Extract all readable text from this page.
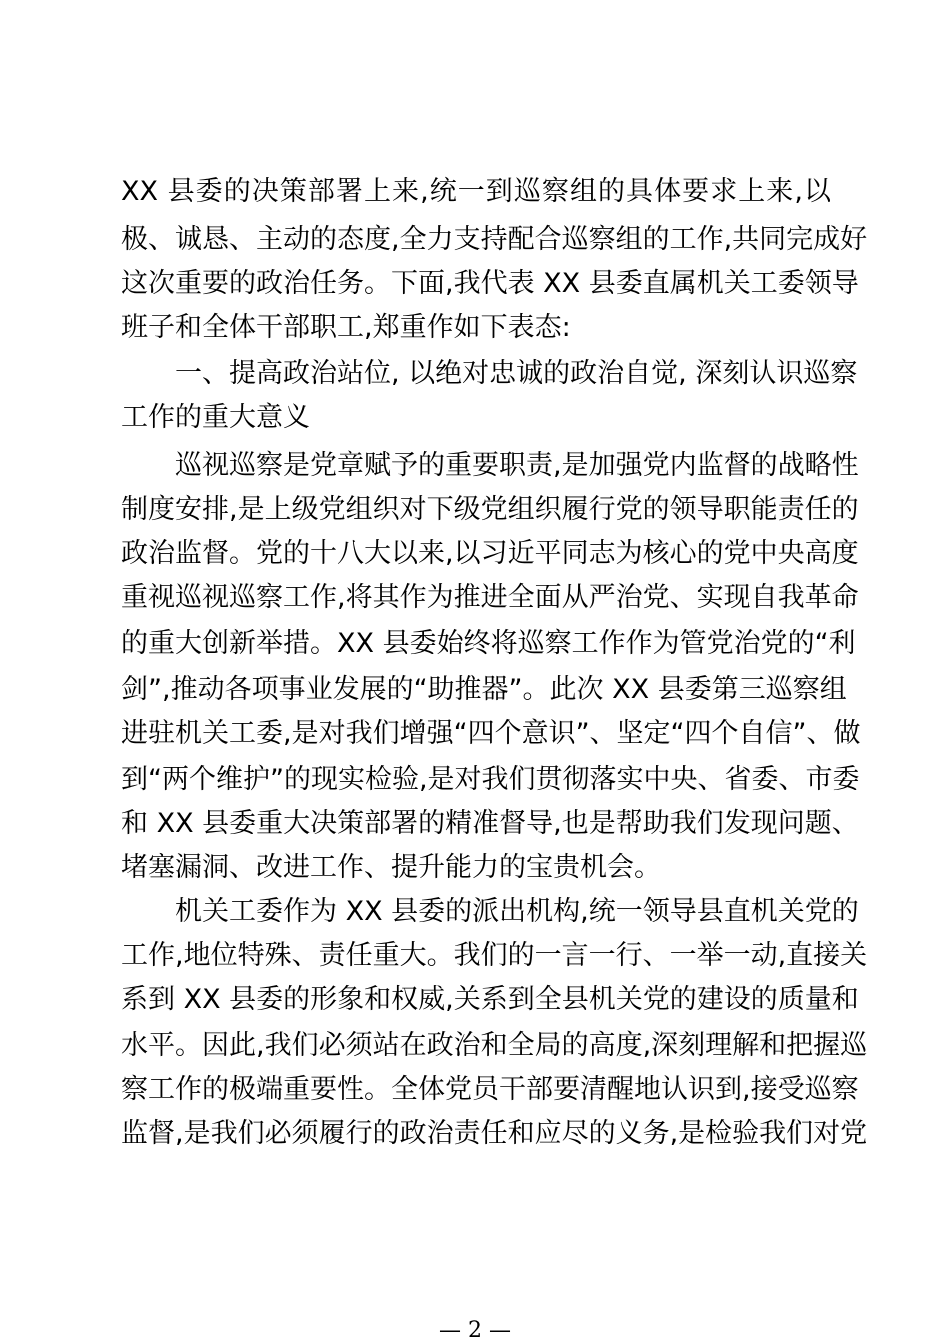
XX 县委的决策部署上来,统一到巡察组的具体要求上来,以
极、诚恳、主动的态度,全力支持配合巡察组的工作,共同完成好
这次重要的政治任务。下面,我代表 XX 县委直属机关工委领导
班子和全体干部职工,郑重作如下表态:
一、提高政治站位, 以绝对忠诚的政治自觉, 深刻认识巡察
工作的重大意义
巡视巡察是党章赋予的重要职责,是加强党内监督的战略性
制度安排,是上级党组织对下级党组织履行党的领导职能责任的
政治监督。党的十八大以来,以习近平同志为核心的党中央高度
重视巡视巡察工作,将其作为推进全面从严治党、实现自我革命
的重大创新举措。XX 县委始终将巡察工作作为管党治党的“利
剑”,推动各项事业发展的“助推器”。此次 XX 县委第三巡察组
进驻机关工委,是对我们增强“四个意识”、坚定“四个自信”、做
到“两个维护”的现实检验,是对我们贯彻落实中央、省委、市委
和 XX 县委重大决策部署的精准督导,也是帮助我们发现问题、
堵塞漏洞、改进工作、提升能力的宝贵机会。
机关工委作为 XX 县委的派出机构,统一领导县直机关党的
工作,地位特殊、责任重大。我们的一言一行、一举一动,直接关
系到 XX 县委的形象和权威,关系到全县机关党的建设的质量和
水平。因此,我们必须站在政治和全局的高度,深刻理解和把握巡
察工作的极端重要性。全体党员干部要清醒地认识到,接受巡察
监督,是我们必须履行的政治责任和应尽的义务,是检验我们对党
— 2 —
